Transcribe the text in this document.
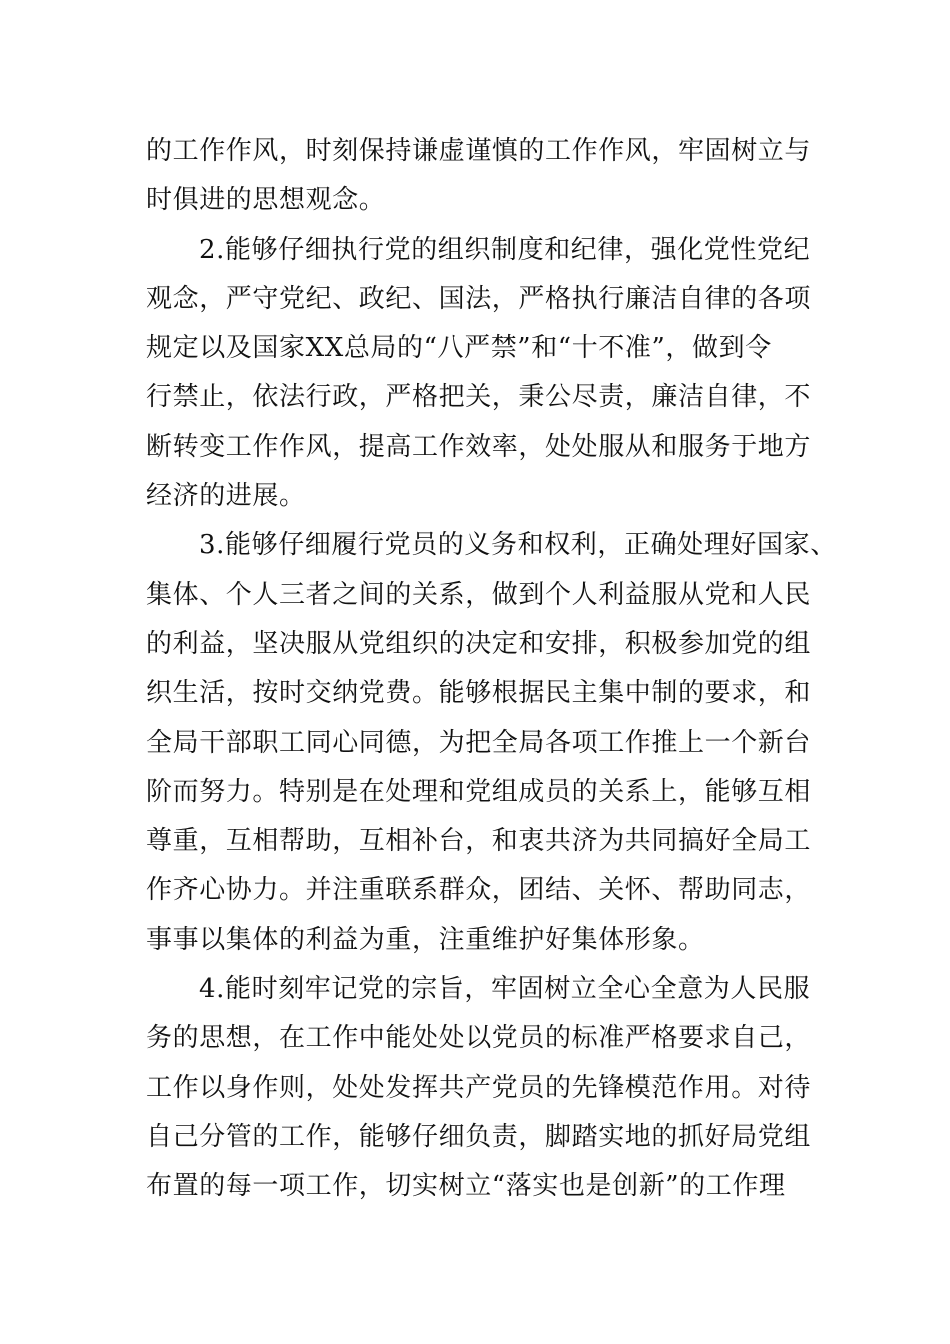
的工作作风，时刻保持谦虚谨慎的工作作风，牢固树立与
时俱进的思想观念。
2.能够仔细执行党的组织制度和纪律，强化党性党纪
观念，严守党纪、政纪、国法，严格执行廉洁自律的各项
规定以及国家XX总局的“八严禁”和“十不准”，做到令
行禁止，依法行政，严格把关，秉公尽责，廉洁自律，不
断转变工作作风，提高工作效率，处处服从和服务于地方
经济的进展。
3.能够仔细履行党员的义务和权利，正确处理好国家、
集体、个人三者之间的关系，做到个人利益服从党和人民
的利益，坚决服从党组织的决定和安排，积极参加党的组
织生活，按时交纳党费。能够根据民主集中制的要求，和
全局干部职工同心同德，为把全局各项工作推上一个新台
阶而努力。特别是在处理和党组成员的关系上，能够互相
尊重，互相帮助，互相补台，和衷共济为共同搞好全局工
作齐心协力。并注重联系群众，团结、关怀、帮助同志，
事事以集体的利益为重，注重维护好集体形象。
4.能时刻牢记党的宗旨，牢固树立全心全意为人民服
务的思想，在工作中能处处以党员的标准严格要求自己，
工作以身作则，处处发挥共产党员的先锋模范作用。对待
自己分管的工作，能够仔细负责，脚踏实地的抓好局党组
布置的每一项工作，切实树立“落实也是创新”的工作理
